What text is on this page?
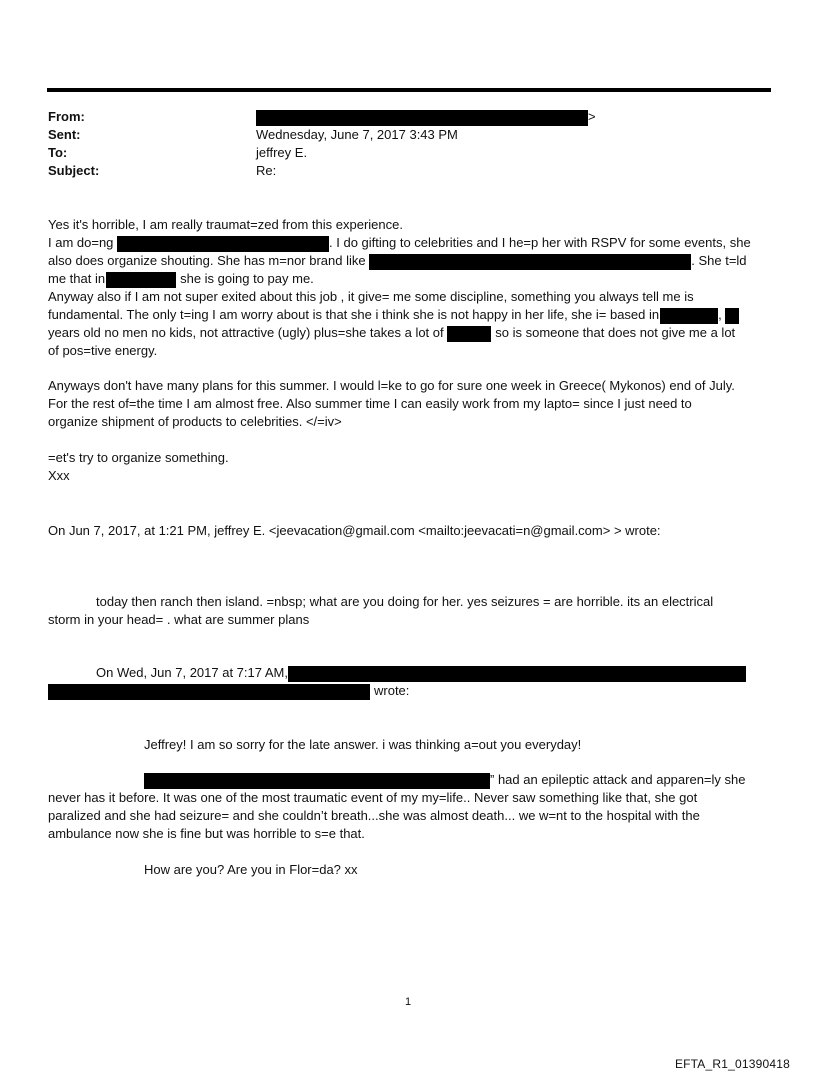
From:	>
Sent:	Wednesday, June 7, 2017 3:43 PM
To:	jeffrey E.
Subject:	Re:
Yes it's horrible, I am really traumat=zed from this experience.
I am do=ng	. I do gifting to celebrities and I he=p her with RSPV for some events, she
also does organize shouting. She has m=nor brand like	. She t=ld
me that in	she is going to pay me.
Anyway also if I am not super exited about this job , it give= me some discipline, something you always tell me is
fundamental. The only t=ing I am worry about is that she i think she is not happy in her life, she i= based in	,
years old no men no kids, not attractive (ugly) plus=she takes a lot of	so is someone that does not give me a lot
of pos=tive energy.
Anyways don't have many plans for this summer. I would l=ke to go for sure one week in Greece( Mykonos) end of July.
For the rest of=the time I am almost free. Also summer time I can easily work from my lapto= since I just need to
organize shipment of products to celebrities. </=iv>
=et's try to organize something.
Xxx
On Jun 7, 2017, at 1:21 PM, jeffrey E. <jeevacation@gmail.com <mailto:jeevacati=n@gmail.com> > wrote:
today then ranch then island. =nbsp; what are you doing for her. yes seizures = are horrible. its an electrical
storm in your head= . what are summer plans
On Wed, Jun 7, 2017 at 7:17 AM,
wrote:
Jeffrey! I am so sorry for the late answer. i was thinking a=out you everyday!
” had an epileptic attack and apparen=ly she
never has it before. It was one of the most traumatic event of my my=life.. Never saw something like that, she got
paralized and she had seizure= and she couldn’t breath...she was almost death... we w=nt to the hospital with the
ambulance now she is fine but was horrible to s=e that.
How are you? Are you in Flor=da? xx
1
EFTA_R1_01390418
